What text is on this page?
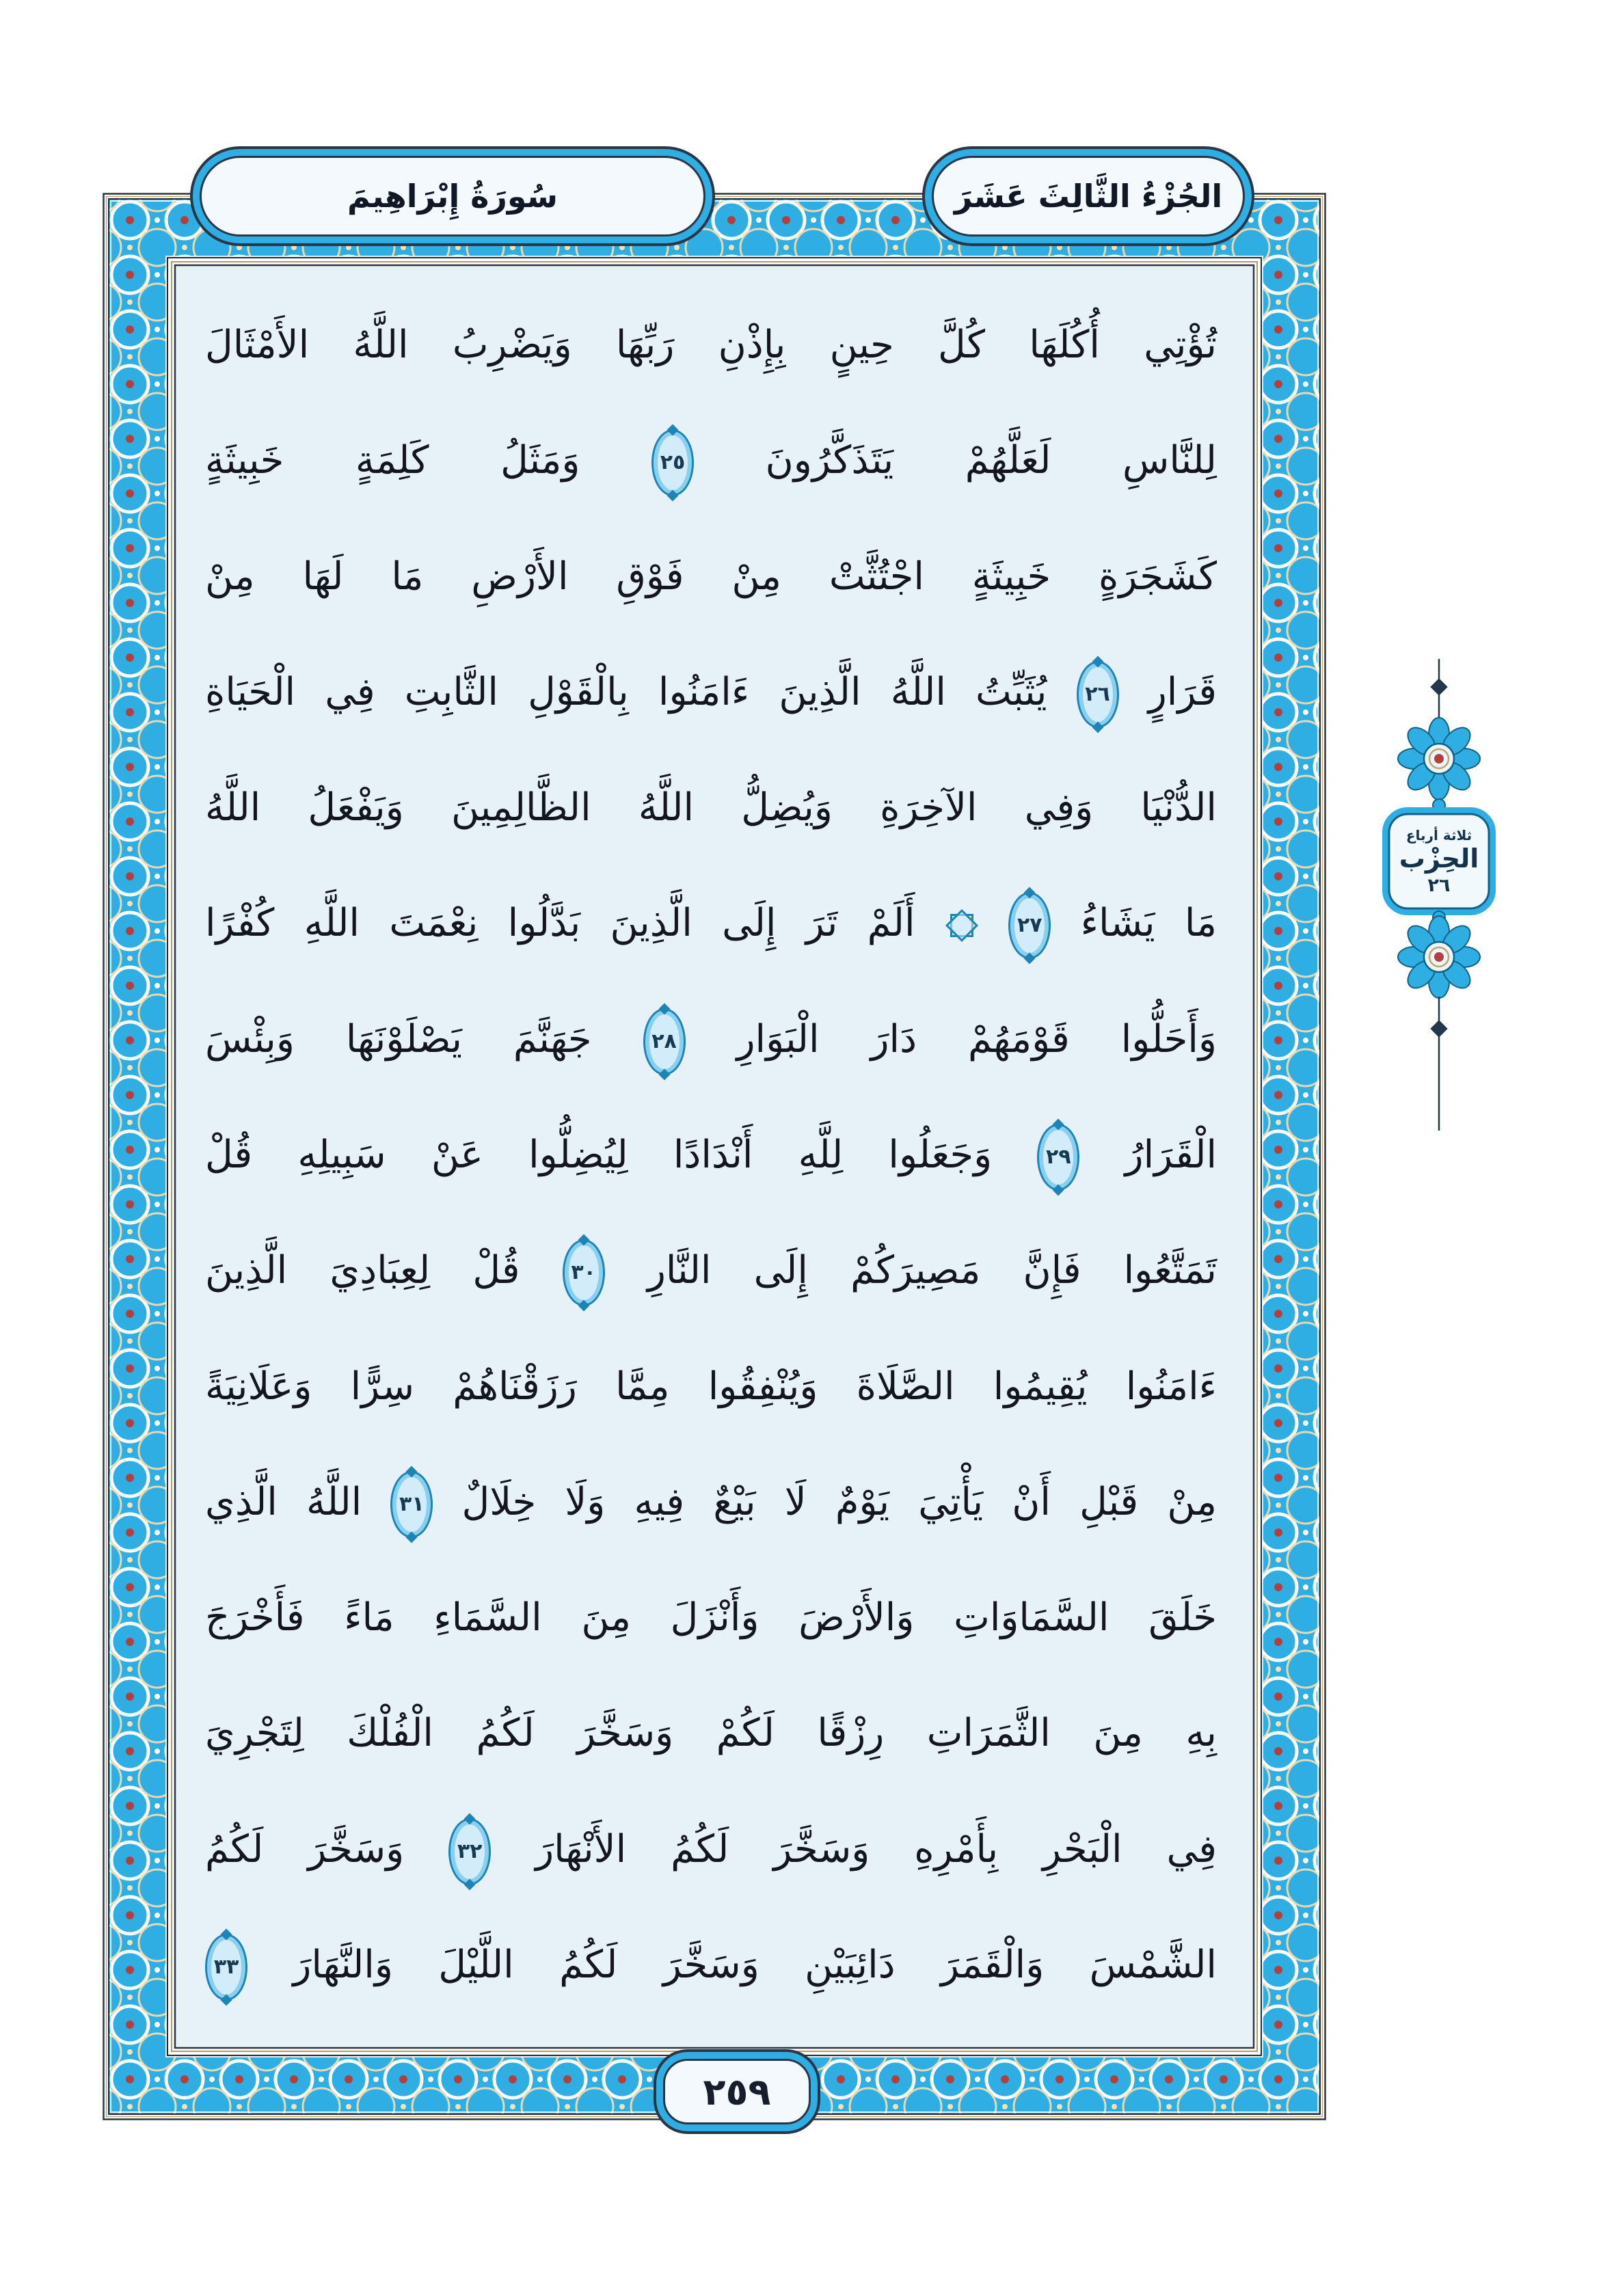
سُورَةُ إِبْرَاهِيمَ	الجُزْءُ الثَّالِثَ عَشَرَ
تُؤْتِي أُكُلَهَا كُلَّ حِينٍ بِإِذْنِ رَبِّهَا وَيَضْرِبُ اللَّهُ الأَمْثَالَ
لِلنَّاسِ لَعَلَّهُمْ يَتَذَكَّرُونَ
٢٥
وَمَثَلُ كَلِمَةٍ خَبِيثَةٍ
كَشَجَرَةٍ خَبِيثَةٍ اجْتُثَّتْ مِنْ فَوْقِ الأَرْضِ مَا لَهَا مِنْ
قَرَارٍ
٢٦
يُثَبِّتُ اللَّهُ الَّذِينَ ءَامَنُوا بِالْقَوْلِ الثَّابِتِ فِي الْحَيَاةِ
الدُّنْيَا وَفِي الآخِرَةِ وَيُضِلُّ اللَّهُ الظَّالِمِينَ وَيَفْعَلُ اللَّهُ
مَا يَشَاءُ
٢٧

أَلَمْ تَرَ إِلَى الَّذِينَ بَدَّلُوا نِعْمَتَ اللَّهِ كُفْرًا
وَأَحَلُّوا قَوْمَهُمْ دَارَ الْبَوَارِ
٢٨
جَهَنَّمَ يَصْلَوْنَهَا وَبِئْسَ
الْقَرَارُ
٢٩
وَجَعَلُوا لِلَّهِ أَنْدَادًا لِيُضِلُّوا عَنْ سَبِيلِهِ قُلْ
تَمَتَّعُوا فَإِنَّ مَصِيرَكُمْ إِلَى النَّارِ
٣٠
قُلْ لِعِبَادِيَ الَّذِينَ
ءَامَنُوا يُقِيمُوا الصَّلَاةَ وَيُنْفِقُوا مِمَّا رَزَقْنَاهُمْ سِرًّا وَعَلَانِيَةً
مِنْ قَبْلِ أَنْ يَأْتِيَ يَوْمٌ لَا بَيْعٌ فِيهِ وَلَا خِلَالٌ
٣١
اللَّهُ الَّذِي
خَلَقَ السَّمَاوَاتِ وَالأَرْضَ وَأَنْزَلَ مِنَ السَّمَاءِ مَاءً فَأَخْرَجَ
بِهِ مِنَ الثَّمَرَاتِ رِزْقًا لَكُمْ وَسَخَّرَ لَكُمُ الْفُلْكَ لِتَجْرِيَ
فِي الْبَحْرِ بِأَمْرِهِ وَسَخَّرَ لَكُمُ الأَنْهَارَ
٣٢
وَسَخَّرَ لَكُمُ
الشَّمْسَ وَالْقَمَرَ دَائِبَيْنِ وَسَخَّرَ لَكُمُ اللَّيْلَ وَالنَّهَارَ
٣٣
ثلاثة أرباع
الحِزْب
٢٦
٢٥٩
